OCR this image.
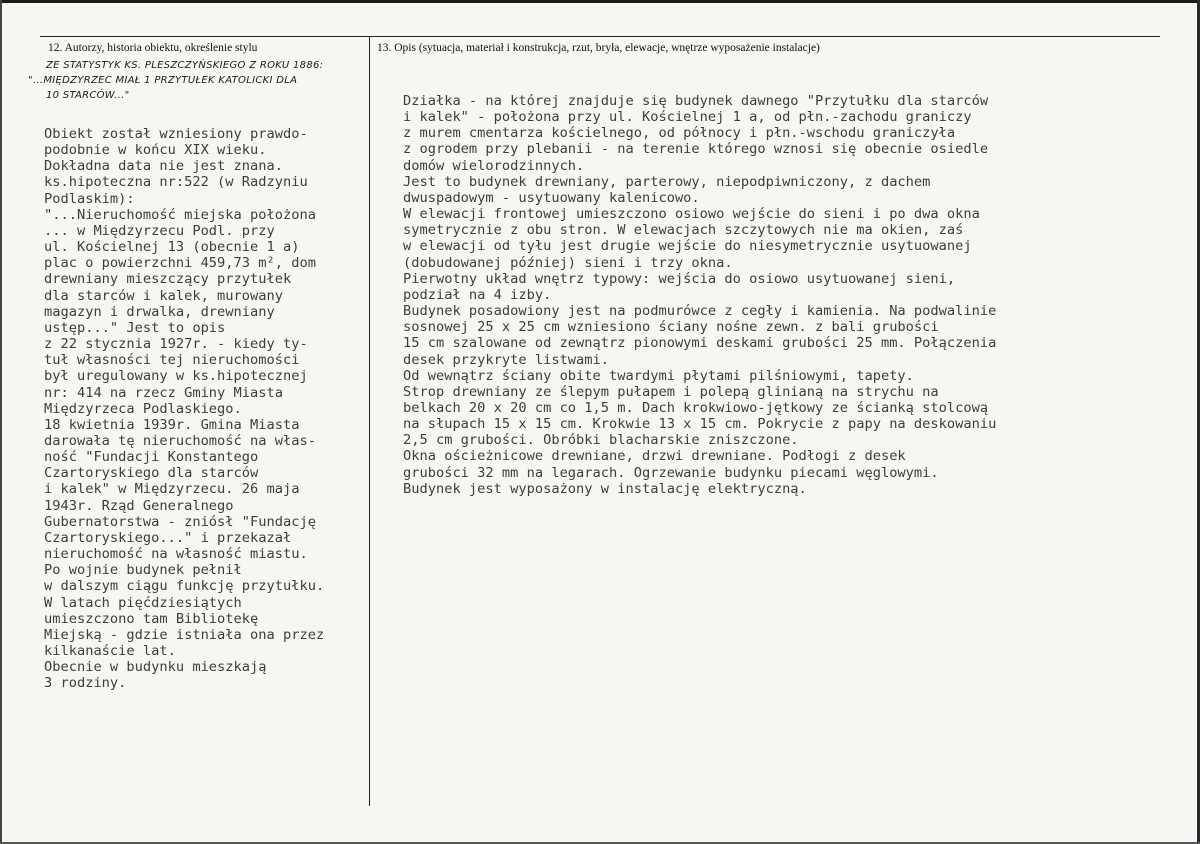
12. Autorzy, historia obiektu, określenie stylu	13. Opis (sytuacja, materiał i konstrukcja, rzut, bryła, elewacje, wnętrze wyposażenie instalacje)
ZE STATYSTYK KS. PLESZCZYŃSKIEGO Z ROKU 1886:
"...MIĘDZYRZEC MIAŁ 1 PRZYTUŁEK KATOLICKI DLA
10 STARCÓW..."
Obiekt został wzniesiony prawdo-
podobnie w końcu XIX wieku.
Dokładna data nie jest znana.
ks.hipoteczna nr:522 (w Radzyniu
Podlaskim):
"...Nieruchomość miejska położona
... w Międzyrzecu Podl. przy
ul. Kościelnej 13 (obecnie 1 a)
plac o powierzchni 459,73 m², dom
drewniany mieszczący przytułek
dla starców i kalek, murowany
magazyn i drwalka, drewniany
ustęp..." Jest to opis
z 22 stycznia 1927r. - kiedy ty-
tuł własności tej nieruchomości
był uregulowany w ks.hipotecznej
nr: 414 na rzecz Gminy Miasta
Międzyrzeca Podlaskiego.
18 kwietnia 1939r. Gmina Miasta
darowała tę nieruchomość na włas-
ność "Fundacji Konstantego
Czartoryskiego dla starców
i kalek" w Międzyrzecu. 26 maja
1943r. Rząd Generalnego
Gubernatorstwa - zniósł "Fundację
Czartoryskiego..." i przekazał
nieruchomość na własność miastu.
Po wojnie budynek pełnił
w dalszym ciągu funkcję przytułku.
W latach pięćdziesiątych
umieszczono tam Bibliotekę
Miejską - gdzie istniała ona przez
kilkanaście lat.
Obecnie w budynku mieszkają
3 rodziny.
Działka - na której znajduje się budynek dawnego "Przytułku dla starców
i kalek" - położona przy ul. Kościelnej 1 a, od płn.-zachodu graniczy
z murem cmentarza kościelnego, od północy i płn.-wschodu graniczyła
z ogrodem przy plebanii - na terenie którego wznosi się obecnie osiedle
domów wielorodzinnych.
Jest to budynek drewniany, parterowy, niepodpiwniczony, z dachem
dwuspadowym - usytuowany kalenicowo.
W elewacji frontowej umieszczono osiowo wejście do sieni i po dwa okna
symetrycznie z obu stron. W elewacjach szczytowych nie ma okien, zaś
w elewacji od tyłu jest drugie wejście do niesymetrycznie usytuowanej
(dobudowanej później) sieni i trzy okna.
Pierwotny układ wnętrz typowy: wejścia do osiowo usytuowanej sieni,
podział na 4 izby.
Budynek posadowiony jest na podmurówce z cegły i kamienia. Na podwalinie
sosnowej 25 x 25 cm wzniesiono ściany nośne zewn. z bali grubości
15 cm szalowane od zewnątrz pionowymi deskami grubości 25 mm. Połączenia
desek przykryte listwami.
Od wewnątrz ściany obite twardymi płytami pilśniowymi, tapety.
Strop drewniany ze ślepym pułapem i polepą glinianą na strychu na
belkach 20 x 20 cm co 1,5 m. Dach krokwiowo-jętkowy ze ścianką stolcową
na słupach 15 x 15 cm. Krokwie 13 x 15 cm. Pokrycie z papy na deskowaniu
2,5 cm grubości. Obróbki blacharskie zniszczone.
Okna ościeżnicowe drewniane, drzwi drewniane. Podłogi z desek
grubości 32 mm na legarach. Ogrzewanie budynku piecami węglowymi.
Budynek jest wyposażony w instalację elektryczną.
